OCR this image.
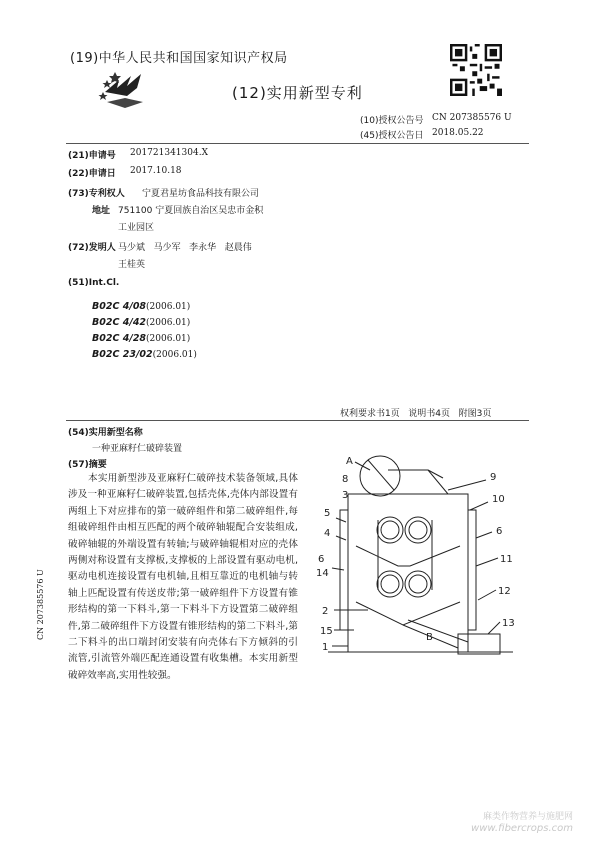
(19)中华人民共和国国家知识产权局
(12)实用新型专利
(10)授权公告号 CN 207385576 U
(45)授权公告日 2018.05.22
(21)申请号 201721341304.X
(22)申请日 2017.10.18
(73)专利权人 宁夏君星坊食品科技有限公司
地址 751100 宁夏回族自治区吴忠市金积
工业园区
(72)发明人 马少斌   马少军   李永华   赵晨伟
王桂英
(51)Int.Cl.
B02C 4/08(2006.01)
B02C 4/42(2006.01)
B02C 4/28(2006.01)
B02C 23/02(2006.01)
权利要求书1页   说明书4页   附图3页
(54)实用新型名称
一种亚麻籽仁破碎装置
(57)摘要
本实用新型涉及亚麻籽仁破碎技术装备领域,具体涉及一种亚麻籽仁破碎装置,包括壳体,壳体内部设置有两组上下对应排布的第一破碎组件和第二破碎组件,每组破碎组件由相互匹配的两个破碎轴辊配合安装组成,破碎轴辊的外端设置有转轴;与破碎轴辊相对应的壳体两侧对称设置有支撑板,支撑板的上部设置有驱动电机,驱动电机连接设置有电机轴,且相互靠近的电机轴与转轴上匹配设置有传送皮带;第一破碎组件下方设置有锥形结构的第一下料斗,第一下料斗下方设置第二破碎组件,第二破碎组件下方设置有锥形结构的第二下料斗,第二下料斗的出口端封闭安装有向壳体右下方倾斜的引流管,引流管外端匹配连通设置有收集槽。本实用新型破碎效率高,实用性较强。
CN 207385576 U
A
8
3
5
4
6
14
2
15
1
9
10
6
11
12
13
B
麻类作物营养与施肥网
www.fibercrops.com
